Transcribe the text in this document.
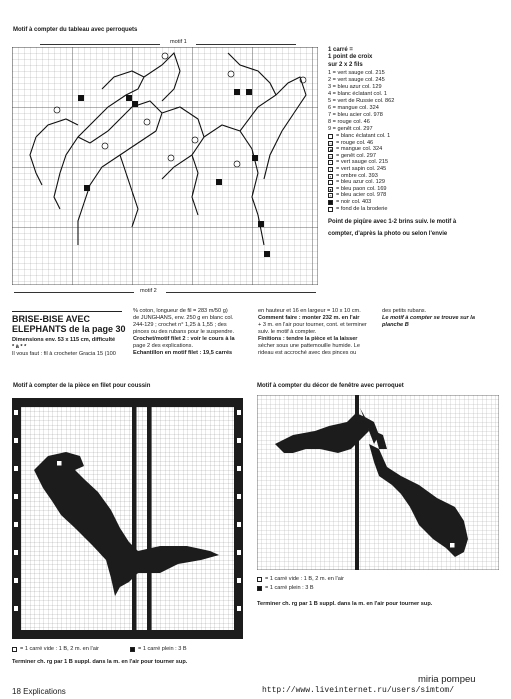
Motif à compter du tableau avec perroquets
motif 1
motif 2
1 carré =
1 point de croix
sur 2 x 2 fils
1 = vert sauge col. 215
2 = vert sauge col. 245
3 = bleu azur col. 129
4 = blanc éclatant col. 1
5 = vert de Russie col. 862
6 = mangue col. 324
7 = bleu acier col. 978
8 = rouge col. 46
9 = genêt col. 297
= blanc éclatant col. 1
∩ = rouge col. 46
▲ = mangue col. 324
○ = genêt col. 297
· = vert sauge col. 215
/ = vert sapin col. 245
▪ = ombre col. 393
- = bleu azur col. 129
● = bleu paon col. 169
× = bleu acier col. 978
= noir col. 403
= fond de la broderie
Point de piqûre avec 1-2 brins suiv. le motif à
compter, d'après la photo ou selon l'envie
BRISE-BISE AVEC
ELEPHANTS de la page 30
Dimensions env. 53 x 115 cm, difficulté
* à * *
Il vous faut : fil à crocheter Gracia 15 (100
% coton, longueur de fil = 283 m/50 g)
de JUNGHANS, env. 250 g en blanc col.
244-129 ; crochet n° 1,25 à 1,55 ; des
pinces ou des rubans pour le suspendre.
Crochet/motif filet 2 : voir le cours à la
page 2 des explications.
Echantillon en motif filet : 19,5 carrés
en hauteur et 16 en largeur = 10 x 10 cm.
Comment faire : monter 232 m. en l'air
+ 3 m. en l'air pour tourner, cont. et terminer
suiv. le motif à compter.
Finitions : tendre la pièce et la laisser
sécher sous une pattemouille humide. Le
rideau est accroché avec des pinces ou
des petits rubans.
Le motif à compter se trouve sur la
planche B
Motif à compter de la pièce en filet pour coussin
= 1 carré vide : 1 B, 2 m. en l'air	= 1 carré plein : 3 B
Terminer ch. rg par 1 B suppl. dans la m. en l'air pour tourner sup.
Motif à compter du décor de fenêtre avec perroquet
= 1 carré vide : 1 B, 2 m. en l'air
= 1 carré plein : 3 B
Terminer ch. rg par 1 B suppl. dans la m. en l'air pour tourner sup.
18 Explications
miria pompeu
http://www.liveinternet.ru/users/simtom/
